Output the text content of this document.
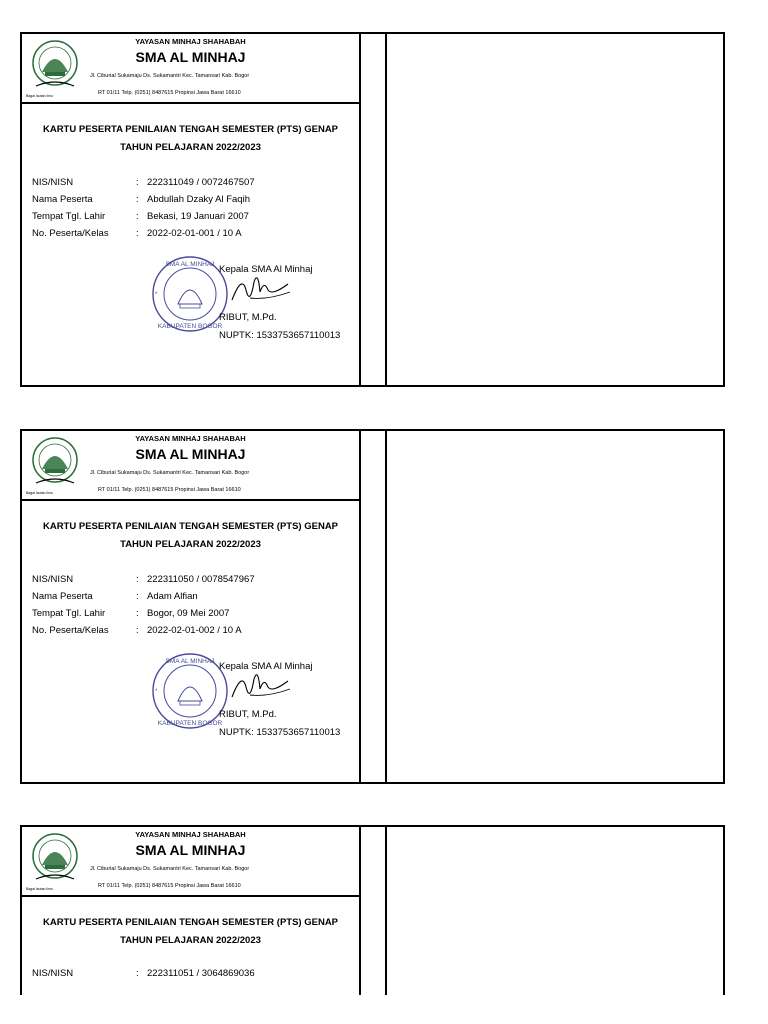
Bagai lautan ilmu
YAYASAN MINHAJ SHAHABAH
SMA AL MINHAJ
Jl. Ciburial Sukamaju Ds. Sukamantri Kec. Tamansari Kab. Bogor
RT 01/11 Telp. (0251) 8487615 Propinsi Jawa Barat 16610
KARTU PESERTA PENILAIAN TENGAH SEMESTER (PTS) GENAP
TAHUN PELAJARAN 2022/2023
NIS/NISN	: 222311049 / 0072467507
Nama Peserta	: Abdullah Dzaky Al Faqih
Tempat Tgl. Lahir	: Bekasi, 19 Januari 2007
No. Peserta/Kelas	: 2022-02-01-001 / 10 A
SMA AL MINHAJ
KABUPATEN BOGOR
*
Kepala SMA Al Minhaj
RIBUT, M.Pd.
NUPTK: 1533753657110013
Bagai lautan ilmu
YAYASAN MINHAJ SHAHABAH
SMA AL MINHAJ
Jl. Ciburial Sukamaju Ds. Sukamantri Kec. Tamansari Kab. Bogor
RT 01/11 Telp. (0251) 8487615 Propinsi Jawa Barat 16610
KARTU PESERTA PENILAIAN TENGAH SEMESTER (PTS) GENAP
TAHUN PELAJARAN 2022/2023
NIS/NISN	: 222311050 / 0078547967
Nama Peserta	: Adam Alfian
Tempat Tgl. Lahir	: Bogor, 09 Mei 2007
No. Peserta/Kelas	: 2022-02-01-002 / 10 A
SMA AL MINHAJ
KABUPATEN BOGOR
*
Kepala SMA Al Minhaj
RIBUT, M.Pd.
NUPTK: 1533753657110013
Bagai lautan ilmu
YAYASAN MINHAJ SHAHABAH
SMA AL MINHAJ
Jl. Ciburial Sukamaju Ds. Sukamantri Kec. Tamansari Kab. Bogor
RT 01/11 Telp. (0251) 8487615 Propinsi Jawa Barat 16610
KARTU PESERTA PENILAIAN TENGAH SEMESTER (PTS) GENAP
TAHUN PELAJARAN 2022/2023
NIS/NISN	: 222311051 / 3064869036
